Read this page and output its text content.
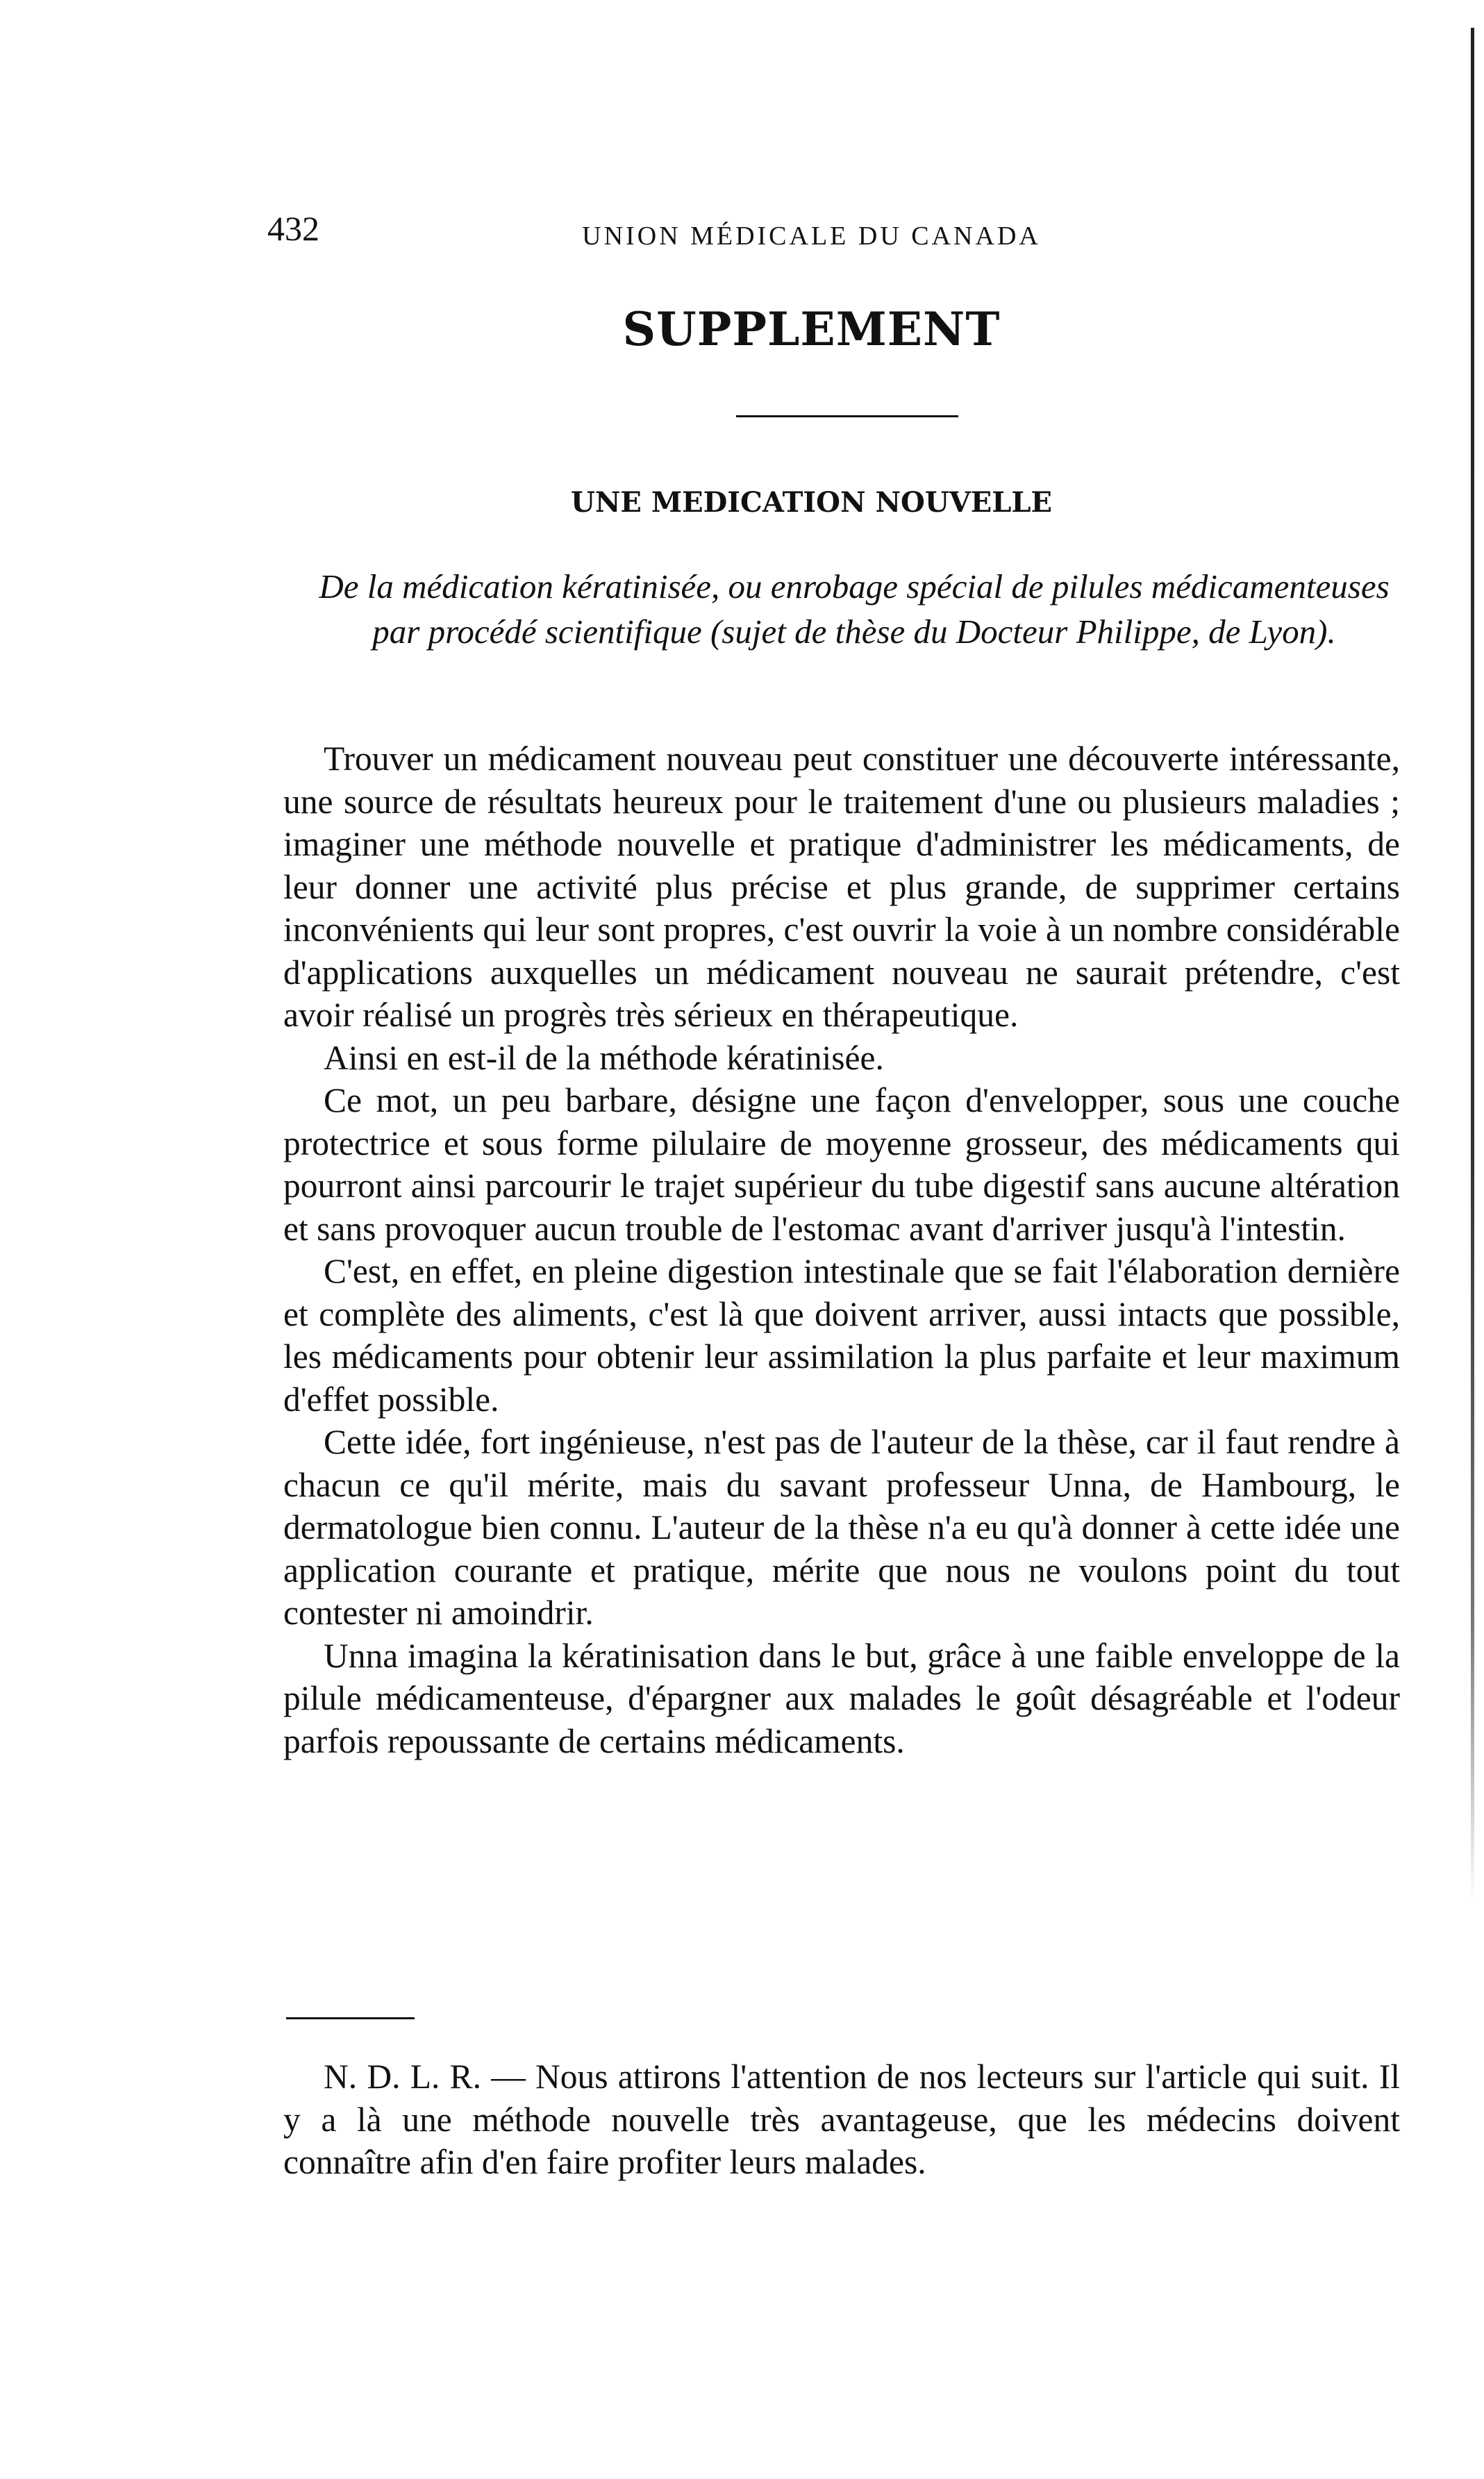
432	UNION MÉDICALE DU CANADA
SUPPLEMENT
UNE MEDICATION NOUVELLE
De la médication kératinisée, ou enrobage spécial de pilules médicamenteuses par procédé scientifique (sujet de thèse du Docteur Philippe, de Lyon).

Trouver un médicament nouveau peut constituer une découverte intéressante, une source de résultats heureux pour le traitement d'une ou plusieurs maladies ; imaginer une méthode nouvelle et pratique d'administrer les médicaments, de leur donner une activité plus précise et plus grande, de supprimer certains inconvénients qui leur sont propres, c'est ouvrir la voie à un nombre considérable d'applications auxquelles un médicament nouveau ne saurait prétendre, c'est avoir réalisé un progrès très sérieux en thérapeutique.

Ainsi en est-il de la méthode kératinisée.

Ce mot, un peu barbare, désigne une façon d'envelopper, sous une couche protectrice et sous forme pilulaire de moyenne grosseur, des médicaments qui pourront ainsi parcourir le trajet supérieur du tube digestif sans aucune altération et sans provoquer aucun trouble de l'estomac avant d'arriver jusqu'à l'intestin.

C'est, en effet, en pleine digestion intestinale que se fait l'élaboration dernière et complète des aliments, c'est là que doivent arriver, aussi intacts que possible, les médicaments pour obtenir leur assimilation la plus parfaite et leur maximum d'effet possible.

Cette idée, fort ingénieuse, n'est pas de l'auteur de la thèse, car il faut rendre à chacun ce qu'il mérite, mais du savant professeur Unna, de Hambourg, le dermatologue bien connu. L'auteur de la thèse n'a eu qu'à donner à cette idée une application courante et pratique, mérite que nous ne voulons point du tout contester ni amoindrir.

Unna imagina la kératinisation dans le but, grâce à une faible enveloppe de la pilule médicamenteuse, d'épargner aux malades le goût désagréable et l'odeur parfois repoussante de certains médicaments.

N. D. L. R. — Nous attirons l'attention de nos lecteurs sur l'article qui suit. Il y a là une méthode nouvelle très avantageuse, que les médecins doivent connaître afin d'en faire profiter leurs malades.
